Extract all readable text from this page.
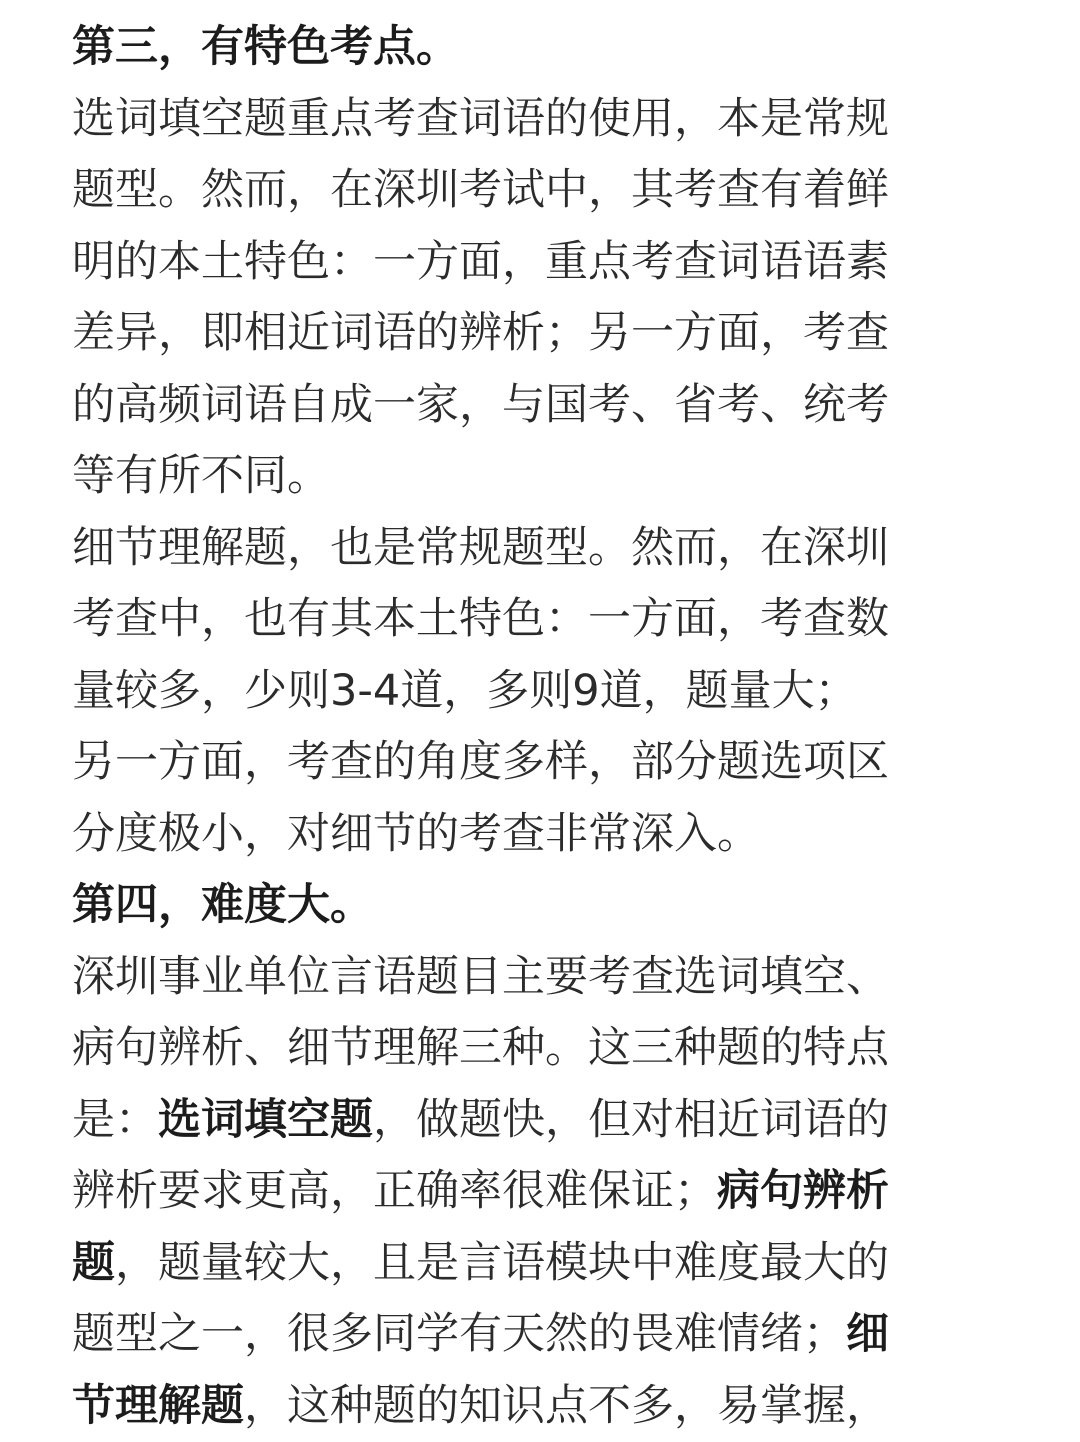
第三，有特色考点。
选词填空题重点考查词语的使用，本是常规
题型。然而，在深圳考试中，其考查有着鲜
明的本土特色：一方面，重点考查词语语素
差异，即相近词语的辨析；另一方面，考查
的高频词语自成一家，与国考、省考、统考
等有所不同。
细节理解题，也是常规题型。然而，在深圳
考查中，也有其本土特色：一方面，考查数
量较多，少则3-4道，多则9道，题量大；
另一方面，考查的角度多样，部分题选项区
分度极小，对细节的考查非常深入。
第四，难度大。
深圳事业单位言语题目主要考查选词填空、
病句辨析、细节理解三种。这三种题的特点
是：选词填空题，做题快，但对相近词语的
辨析要求更高，正确率很难保证；病句辨析
题，题量较大，且是言语模块中难度最大的
题型之一，很多同学有天然的畏难情绪；细
节理解题，这种题的知识点不多，易掌握，
